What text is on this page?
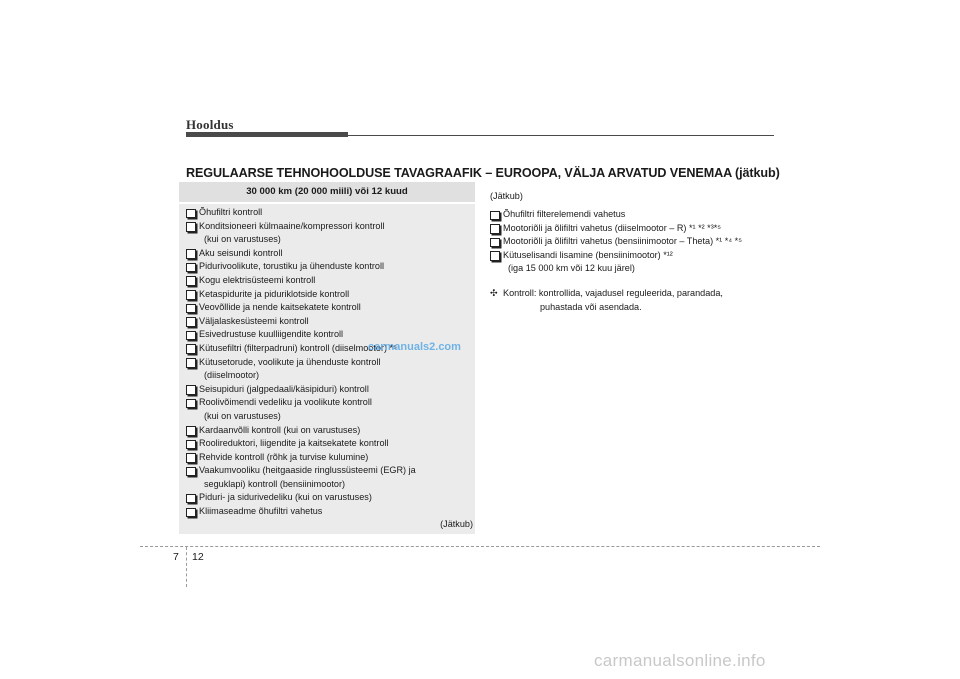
Hooldus
REGULAARSE TEHNOHOOLDUSE TAVAGRAAFIK – EUROOPA, VÄLJA ARVATUD VENEMAA (jätkub)
30 000 km (20 000 miili) või 12 kuud
Õhufiltri kontroll
Konditsioneeri külmaaine/kompressori kontroll
(kui on varustuses)
Aku seisundi kontroll
Pidurivoolikute, torustiku ja ühenduste kontroll
Kogu elektrisüsteemi kontroll
Ketaspidurite ja piduriklotside kontroll
Veovõllide ja nende kaitsekatete kontroll
Väljalaskesüsteemi kontroll
Esivedrustuse kuulliigendite kontroll
Kütusefiltri (filterpadruni) kontroll (diiselmootor) *⁵
Kütusetorude, voolikute ja ühenduste kontroll
(diiselmootor)
Seisupiduri (jalgpedaali/käsipiduri) kontroll
Roolivõimendi vedeliku ja voolikute kontroll
(kui on varustuses)
Kardaanvõlli kontroll (kui on varustuses)
Roolireduktori, liigendite ja kaitsekatete kontroll
Rehvide kontroll (rõhk ja turvise kulumine)
Vaakumvooliku (heitgaaside ringlussüsteemi (EGR) ja
seguklapi) kontroll (bensiinimootor)
Piduri- ja sidurivedeliku (kui on varustuses)
Kliimaseadme õhufiltri vahetus
(Jätkub)
(Jätkub)
Õhufiltri filterelemendi vahetus
Mootoriõli ja õlifiltri vahetus (diiselmootor – R) *¹ *² *³*⁵
Mootoriõli ja õlifiltri vahetus (bensiinimootor – Theta) *¹ *⁴ *⁵
Kütuselisandi lisamine (bensiinimootor) *¹²
(iga 15 000 km või 12 kuu järel)
✣ Kontroll: kontrollida, vajadusel reguleerida, parandada,
puhastada või asendada.
carmanuals2.com
7 12
carmanualsonline.info
